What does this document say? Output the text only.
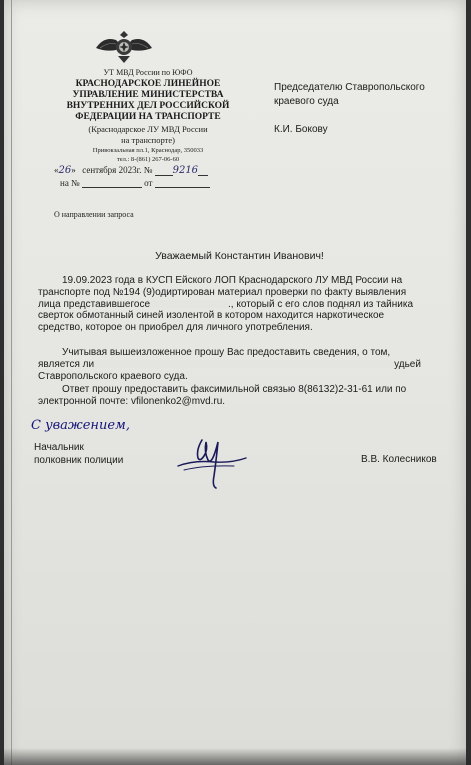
УТ МВД России по ЮФО
КРАСНОДАРСКОЕ ЛИНЕЙНОЕ
УПРАВЛЕНИЕ МИНИСТЕРСТВА
ВНУТРЕННИХ ДЕЛ РОССИЙСКОЙ
ФЕДЕРАЦИИ НА ТРАНСПОРТЕ
(Краснодарское ЛУ МВД России
на транспорте)
Привокзальная пл.1, Краснодар, 350033
тел.: 8-(861) 267-06-60
Председателю Ставропольского
краевого суда
К.И. Бокову
«26»  сентября 2023г. № 9216
на №	от
О направлении запроса
Уважаемый Константин Иванович!
19.09.2023 года в КУСП Ейского ЛОП Краснодарского ЛУ МВД России на
транспорте под №194 (9)одиртирован материал проверки по факту выявления
лица представившегосе	., который с его слов поднял из тайника
сверток обмотанный синей изолентой в котором находится наркотическое
средство, которое он приобрел для личного употребления.
Учитывая вышеизложенное прошу Вас предоставить сведения, о том,
является ли	удьей
Ставропольского краевого суда.
Ответ прошу предоставить факсимильной связью 8(86132)2-31-61 или по
электронной почте: vfilonenko2@mvd.ru.
С уважением,
Начальник
полковник полиции	В.В. Колесников
